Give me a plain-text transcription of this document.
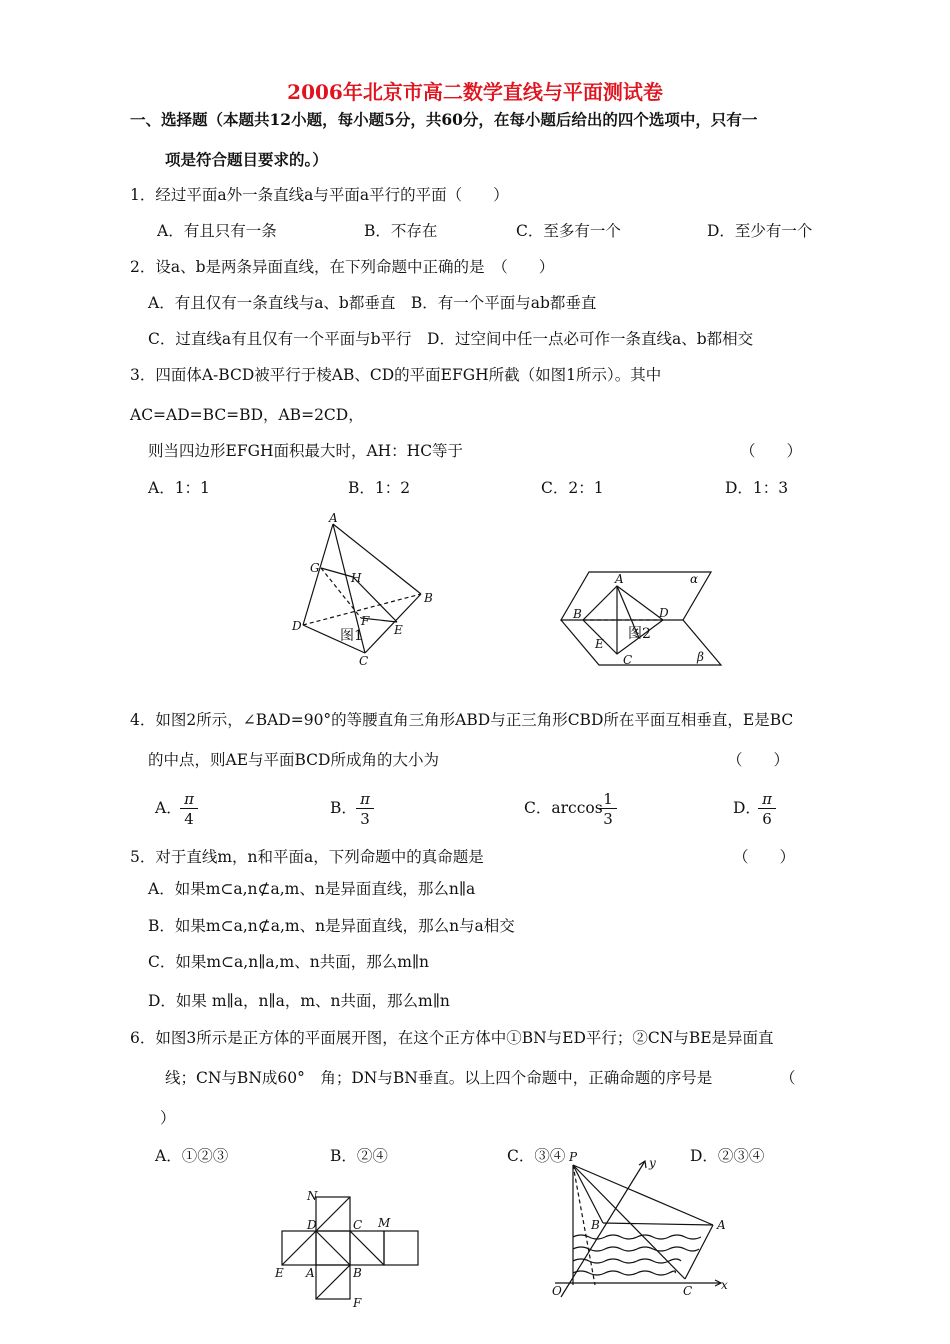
2006年北京市高二数学直线与平面测试卷
一、选择题（本题共12小题，每小题5分，共60分，在每小题后给出的四个选项中，只有一
项是符合题目要求的。）
1．经过平面a外一条直线a与平面a平行的平面（　　）
A．有且只有一条	B．不存在	C．至多有一个	D．至少有一个
2．设a、b是两条异面直线，在下列命题中正确的是　（　　）
A．有且仅有一条直线与a、b都垂直　B．有一个平面与ab都垂直
C．过直线a有且仅有一个平面与b平行　D．过空间中任一点必可作一条直线a、b都相交
3．四面体A-BCD被平行于棱AB、CD的平面EFGH所截（如图1所示）。其中
AC=AD=BC=BD，AB=2CD，
则当四边形EFGH面积最大时，AH：HC等于	（　　）
A．1：1	B．1：2	C．2：1	D．1：3
A
G
H
B
F
D	E
C
图1
A	α
B	D
E
C	β
图2
4．如图2所示，∠BAD=90°的等腰直角三角形ABD与正三角形CBD所在平面互相垂直，E是BC
的中点，则AE与平面BCD所成角的大小为	（　　）
A．
$\frac{\pi}{4}$	B． $\frac{\pi}{3}$	C．arccos
$\frac{1}{3}$	D．
$\frac{\pi}{6}$
5．对于直线m，n和平面a，下列命题中的真命题是	（　　）
A．如果m⊂a,n⊄a,m、n是异面直线，那么n∥a
B．如果m⊂a,n⊄a,m、n是异面直线，那么n与a相交
C．如果m⊂a,n∥a,m、n共面，那么m∥n
D．如果 m∥a，n∥a，m、n共面，那么m∥n
6．如图3所示是正方体的平面展开图，在这个正方体中①BN与ED平行；②CN与BE是异面直
线；CN与BN成60°　角；DN与BN垂直。以上四个命题中，正确命题的序号是	（
）
A．①②③	B．②④	C．③④	D．②③④
N
D	C M
E A	B
F
P	y
B	A
O	C x
